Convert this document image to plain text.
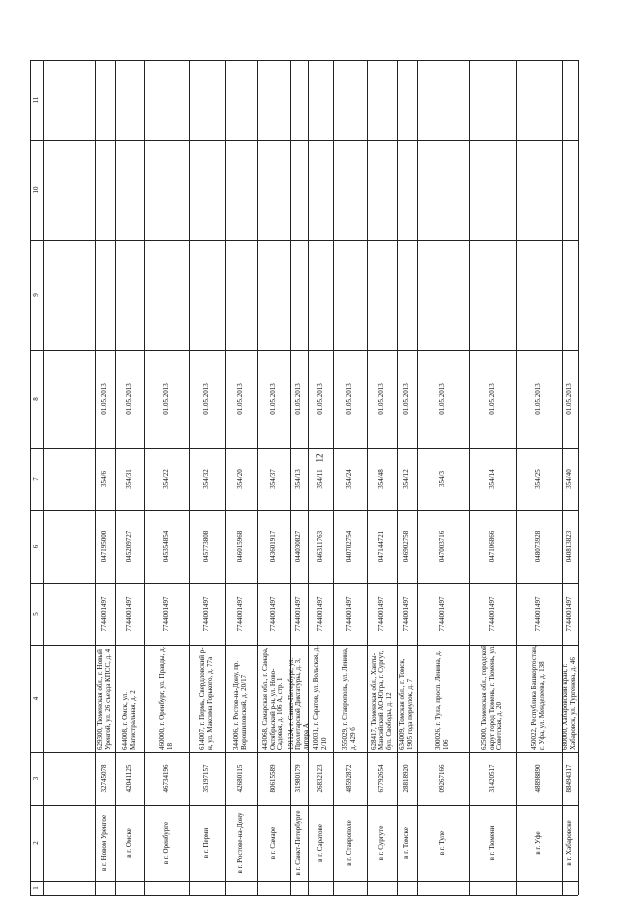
12
1
2
3
4
5
6
7
8
9
10
11
в г. Новом Уренгое
32745078
629300, Тюменская обл., г. Новый Уренгой, ул. 26 съезда КПСС, д. 4
7744001497
047195000
354/6
01.05.2013
в г. Омске
42041125
644008, г. Омск, ул. Магистральная, д. 2
7744001497
045209727
354/31
01.05.2013
в г. Оренбурге
46734196
460000, г. Оренбург, ул. Правды, д. 18
7744001497
045354854
354/22
01.05.2013
в г. Перми
35197157
614007, г. Пермь, Свердловский р-н, ул. Максима Горького, д. 77а
7744001497
045773808
354/32
01.05.2013
в г. Ростове-на-Дону
42680115
344006, г. Ростов-на-Дону, пр. Ворошиловский, д. 20/17
7744001497
046015968
354/20
01.05.2013
в г. Самаре
80615589
443068, Самарская обл., г. Самара, Октябрьский р-н, ул. Ново-Садовая, д. 106 А, стр. 1
7744001497
043601917
354/37
01.05.2013
в г. Санкт-Петербурге
31980179
191124, г. Санкт-Петербург, ул. Пролетарской Диктатуры, д. 3, литера А
7744001497
044030827
354/13
01.05.2013
в г. Саратове
26832123
410031, г. Саратов, ул. Вольская, д. 2/10
7744001497
046311763
354/11
01.05.2013
в г. Ставрополе
48592872
355029, г. Ставрополь, ул. Ленина, д. 429 б
7744001497
040702754
354/24
01.05.2013
в г. Сургуте
67792654
628417, Тюменская обл., Ханты-Мансийский АО-Югра, г. Сургут, бул. Свободы, д. 12
7744001497
047144721
354/48
01.05.2013
в г. Томске
28818920
634009, Томская обл., г. Томск, 1905 года переулок, д. 7
7744001497
046902758
354/12
01.05.2013
в г. Туле
09267166
300026, г. Тула, просп. Ленина, д. 106
7744001497
047003716
354/3
01.05.2013
в г. Тюмени
31420517
625000, Тюменская обл., городской округ город Тюмень, г. Тюмень, ул. Советская, д. 20
7744001497
047106866
354/14
01.05.2013
в г. Уфе
48898890
450022, Республика Башкортостан, г. Уфа, ул. Менделеева, д. 138
7744001497
048073928
354/25
01.05.2013
в г. Хабаровске
88494317
680000, Хабаровский край, г. Хабаровск, ул. Тургенева, д. 46
7744001497
040813823
354/40
01.05.2013
